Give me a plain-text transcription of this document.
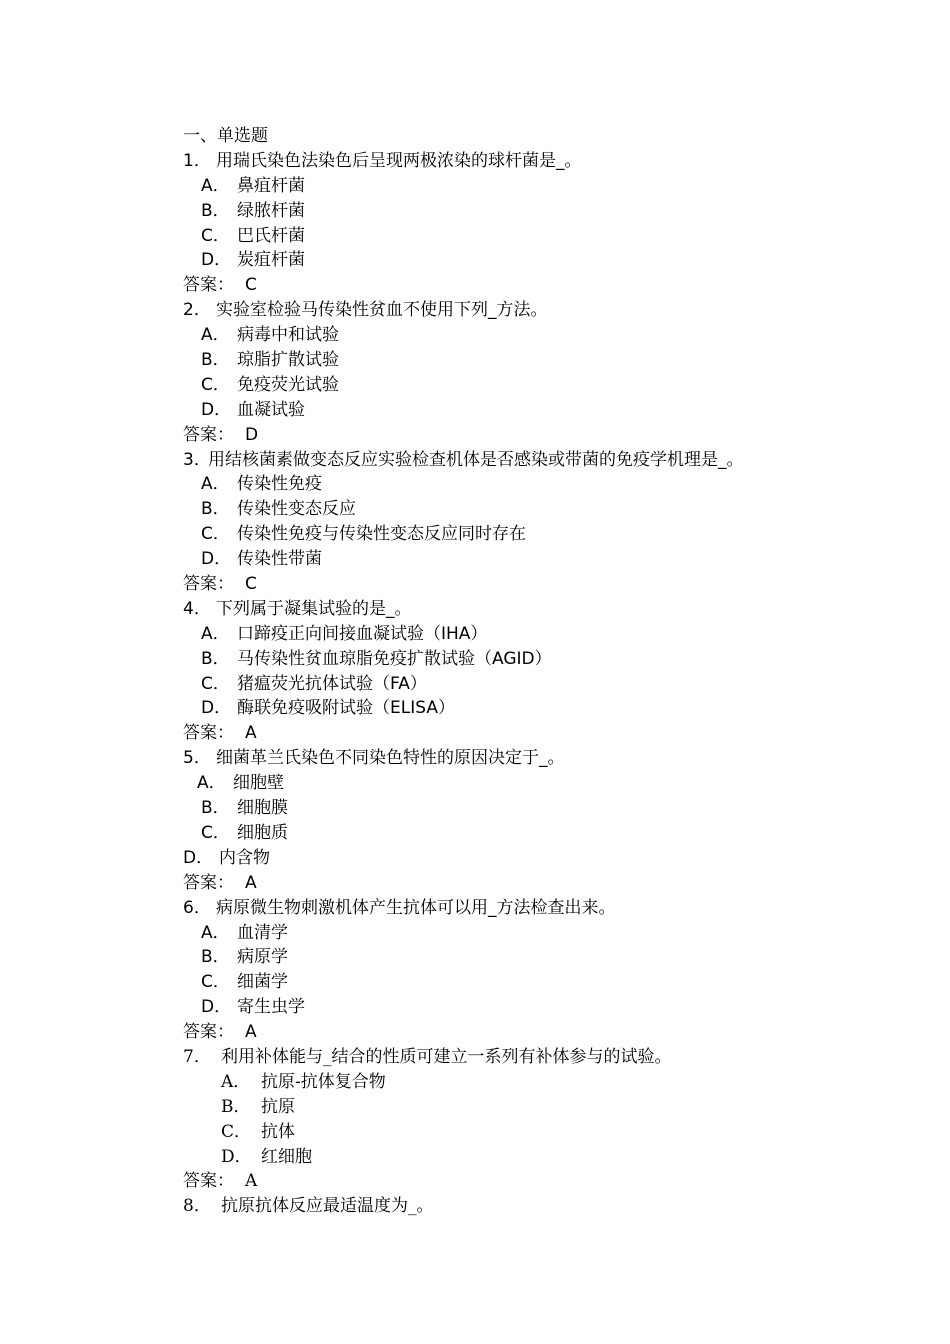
一、单选题
1． 用瑞氏染色法染色后呈现两极浓染的球杆菌是_。
A． 鼻疽杆菌
B． 绿脓杆菌
C． 巴氏杆菌
D． 炭疽杆菌
答案： C
2． 实验室检验马传染性贫血不使用下列_方法。
A． 病毒中和试验
B． 琼脂扩散试验
C． 免疫荧光试验
D． 血凝试验
答案： D
3．用结核菌素做变态反应实验检查机体是否感染或带菌的免疫学机理是_。
A． 传染性免疫
B． 传染性变态反应
C． 传染性免疫与传染性变态反应同时存在
D． 传染性带菌
答案： C
4． 下列属于凝集试验的是_。
A． 口蹄疫正向间接血凝试验（IHA）
B． 马传染性贫血琼脂免疫扩散试验（AGID）
C． 猪瘟荧光抗体试验（FA）
D． 酶联免疫吸附试验（ELISA）
答案： A
5． 细菌革兰氏染色不同染色特性的原因决定于_。
A． 细胞壁
B． 细胞膜
C． 细胞质
D． 内含物
答案： A
6． 病原微生物刺激机体产生抗体可以用_方法检查出来。
A． 血清学
B． 病原学
C． 细菌学
D． 寄生虫学
答案： A
7． 利用补体能与_结合的性质可建立一系列有补体参与的试验。
A． 抗原-抗体复合物
B． 抗原
C． 抗体
D． 红细胞
答案： A
8． 抗原抗体反应最适温度为_。
